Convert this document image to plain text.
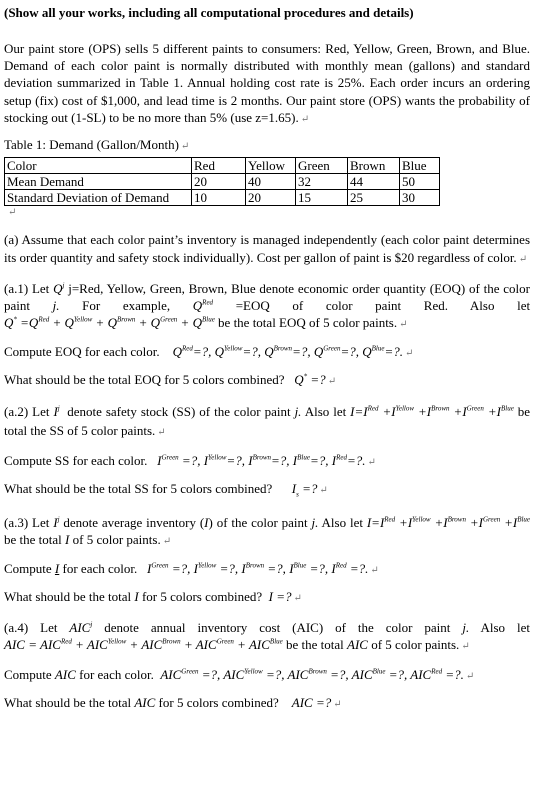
(Show all your works, including all computational procedures and details)

Our paint store (OPS) sells 5 different paints to consumers: Red, Yellow, Green, Brown, and Blue. Demand of each color paint is normally distributed with monthly mean (gallons) and standard deviation summarized in Table 1. Annual holding cost rate is 25%. Each order incurs an ordering setup (fix) cost of $1,000, and lead time is 2 months. Our paint store (OPS) wants the probability of stocking out (1-SL) to be no more than 5% (use z=1.65). ↵

Table 1: Demand (Gallon/Month) ↵

Color	Red	Yellow	Green	Brown	Blue
Mean Demand	20	40	32	44	50
Standard Deviation of Demand	10	20	15	25	30
↵

(a) Assume that each color paint’s inventory is managed independently (each color paint determines its order quantity and safety stock individually). Cost per gallon of paint is $20 regardless of color. ↵

(a.1) Let $Q^j$ j=Red, Yellow, Green, Brown, Blue denote economic order quantity (EOQ) of the color paint j. For example, $Q^{Red} =EOQ$ of color paint Red. Also let $Q^* =Q^{Red} + Q^{Yellow} + Q^{Brown} + Q^{Green} + Q^{Blue}$ be the total EOQ of 5 color paints. ↵

Compute EOQ for each color. $Q^{Red}=$?, $Q^{Yellow}=$?, $Q^{Brown}=$?, $Q^{Green}=$?, $Q^{Blue}=$?. ↵

What should be the total EOQ for 5 colors combined? Q* =? ↵

(a.2) Let $I^j$ denote safety stock (SS) of the color paint j. Also let $I=I^{Red} +I^{Yellow} +I^{Brown} +I^{Green} +I^{Blue}$ be total the SS of 5 color paints. ↵

Compute SS for each color. $I^{Green}$ =?, $I^{Yellow}=$?, $I^{Brown}=$?, $I^{Blue}=$?, $I^{Red}=$?. ↵

What should be the total SS for 5 colors combined? $I_s$ =? ↵

(a.3) Let $I^j$ denote average inventory (I) of the color paint j. Also let $I=I^{Red} +I^{Yellow} +I^{Brown} +I^{Green} +I^{Blue}$ be the total I of 5 color paints. ↵

Compute I for each color. $I^{Green}$ =?, $I^{Yellow}$ =?, $I^{Brown}$ =?, $I^{Blue}$ =?, $I^{Red}$ =?. ↵

What should be the total I for 5 colors combined? I =? ↵

(a.4) Let AIC$^j$ denote annual inventory cost (AIC) of the color paint j. Also let AIC = $AIC^{Red} + AIC^{Yellow} + AIC^{Brown} + AIC^{Green} + AIC^{Blue}$ be the total AIC of 5 color paints. ↵

Compute AIC for each color. $AIC^{Green}$ =?, $AIC^{Yellow}$ =?, $AIC^{Brown}$ =?, $AIC^{Blue}$ =?, $AIC^{Red}$ =?. ↵

What should be the total AIC for 5 colors combined? AIC =? ↵
